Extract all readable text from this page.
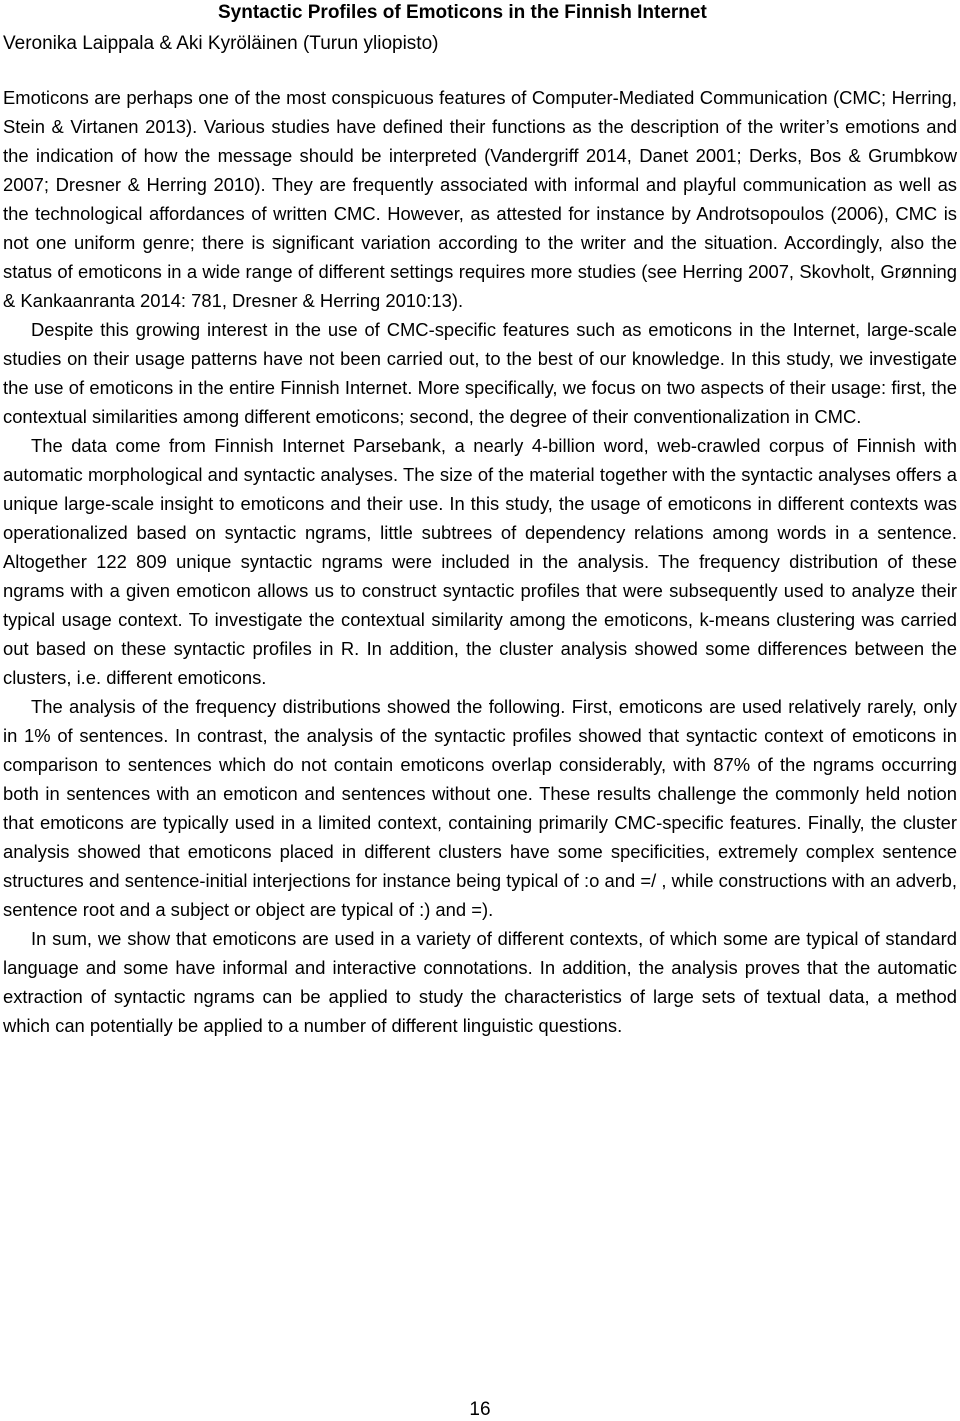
Syntactic Profiles of Emoticons in the Finnish Internet
Veronika Laippala & Aki Kyröläinen (Turun yliopisto)

Emoticons are perhaps one of the most conspicuous features of Computer-Mediated Communication (CMC; Herring, Stein & Virtanen 2013). Various studies have defined their functions as the description of the writer’s emotions and the indication of how the message should be interpreted (Vandergriff 2014, Danet 2001; Derks, Bos & Grumbkow 2007; Dresner & Herring 2010). They are frequently associated with informal and playful communication as well as the technological affordances of written CMC. However, as attested for instance by Androtsopoulos (2006), CMC is not one uniform genre; there is significant variation according to the writer and the situation. Accordingly, also the status of emoticons in a wide range of different settings requires more studies (see Herring 2007, Skovholt, Grønning & Kankaanranta 2014: 781, Dresner & Herring 2010:13).

Despite this growing interest in the use of CMC-specific features such as emoticons in the Internet, large-scale studies on their usage patterns have not been carried out, to the best of our knowledge. In this study, we investigate the use of emoticons in the entire Finnish Internet. More specifically, we focus on two aspects of their usage: first, the contextual similarities among different emoticons; second, the degree of their conventionalization in CMC.

The data come from Finnish Internet Parsebank, a nearly 4-billion word, web-crawled corpus of Finnish with automatic morphological and syntactic analyses. The size of the material together with the syntactic analyses offers a unique large-scale insight to emoticons and their use. In this study, the usage of emoticons in different contexts was operationalized based on syntactic ngrams, little subtrees of dependency relations among words in a sentence. Altogether 122 809 unique syntactic ngrams were included in the analysis. The frequency distribution of these ngrams with a given emoticon allows us to construct syntactic profiles that were subsequently used to analyze their typical usage context. To investigate the contextual similarity among the emoticons, k-means clustering was carried out based on these syntactic profiles in R. In addition, the cluster analysis showed some differences between the clusters, i.e. different emoticons.

The analysis of the frequency distributions showed the following. First, emoticons are used relatively rarely, only in 1% of sentences. In contrast, the analysis of the syntactic profiles showed that syntactic context of emoticons in comparison to sentences which do not contain emoticons overlap considerably, with 87% of the ngrams occurring both in sentences with an emoticon and sentences without one. These results challenge the commonly held notion that emoticons are typically used in a limited context, containing primarily CMC-specific features. Finally, the cluster analysis showed that emoticons placed in different clusters have some specificities, extremely complex sentence structures and sentence-initial interjections for instance being typical of :o and =/ , while constructions with an adverb, sentence root and a subject or object are typical of :) and =).

In sum, we show that emoticons are used in a variety of different contexts, of which some are typical of standard language and some have informal and interactive connotations. In addition, the analysis proves that the automatic extraction of syntactic ngrams can be applied to study the characteristics of large sets of textual data, a method which can potentially be applied to a number of different linguistic questions.

16
